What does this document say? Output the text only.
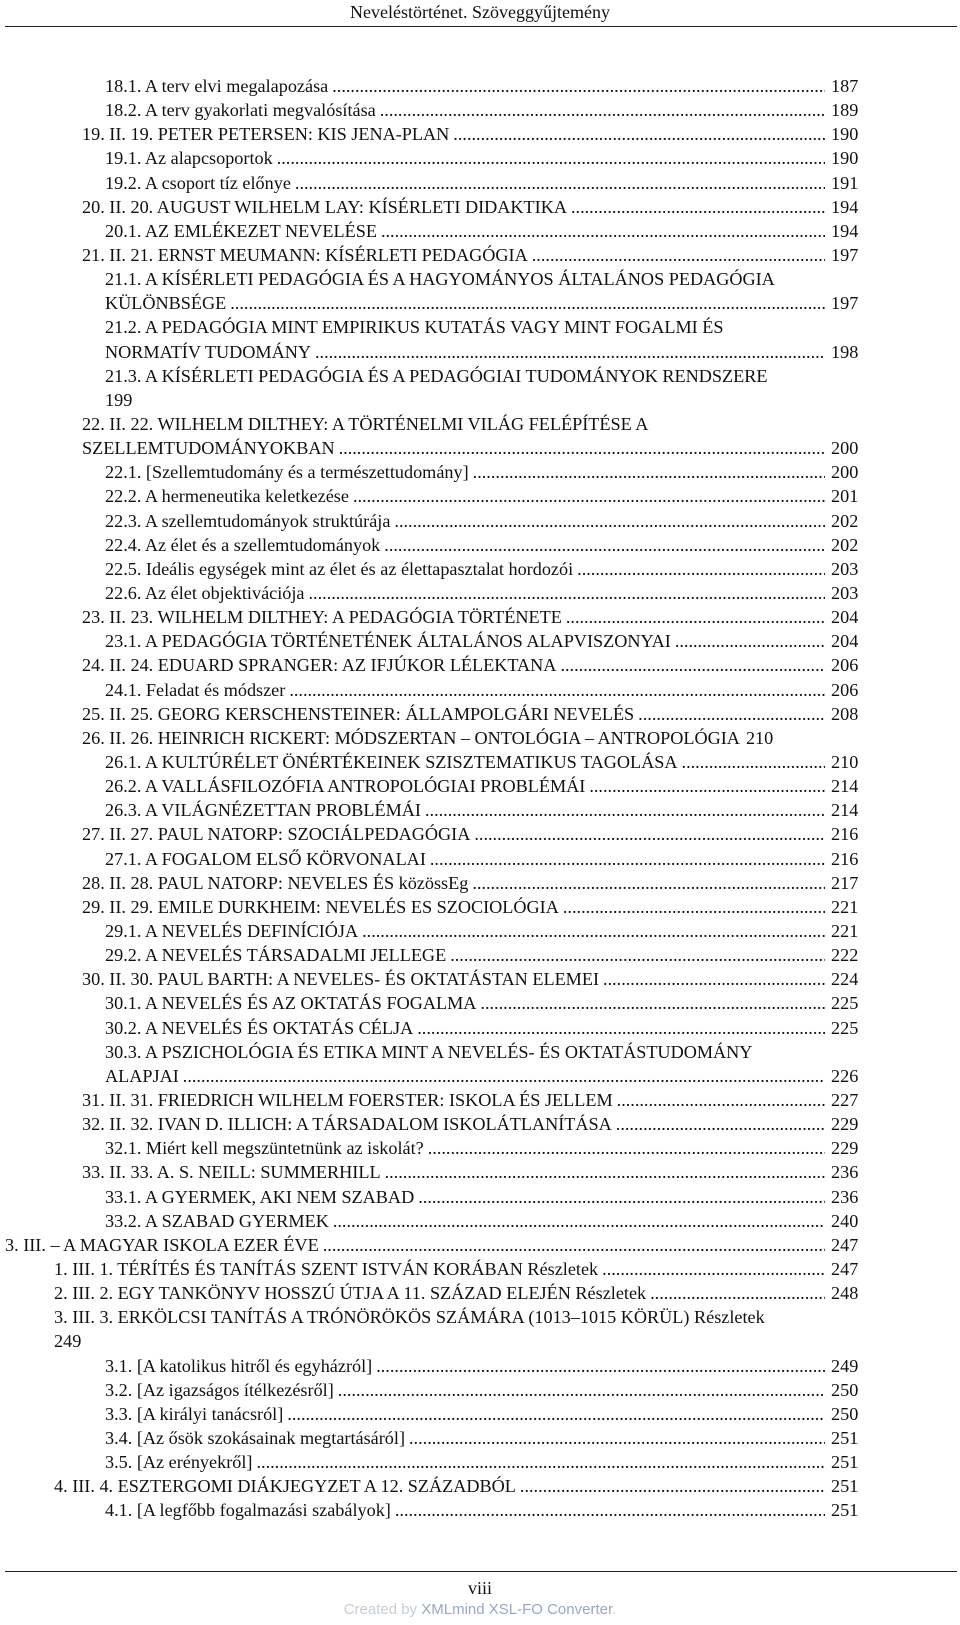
Neveléstörténet. Szöveggyűjtemény
18.1. A terv elvi megalapozása .....	187
18.2. A terv gyakorlati megvalósítása .....	189
19. II. 19. PETER PETERSEN: KIS JENA-PLAN .....	190
19.1. Az alapcsoportok .....	190
19.2. A csoport tíz előnye .....	191
20. II. 20. AUGUST WILHELM LAY: KÍSÉRLETI DIDAKTIKA .....	194
20.1. AZ EMLÉKEZET NEVELÉSE .....	194
21. II. 21. ERNST MEUMANN: KÍSÉRLETI PEDAGÓGIA .....	197
21.1. A KÍSÉRLETI PEDAGÓGIA ÉS A HAGYOMÁNYOS ÁLTALÁNOS PEDAGÓGIA
KÜLÖNBSÉGE .....	197
21.2. A PEDAGÓGIA MINT EMPIRIKUS KUTATÁS VAGY MINT FOGALMI ÉS
NORMATÍV TUDOMÁNY .....	198
21.3. A KÍSÉRLETI PEDAGÓGIA ÉS A PEDAGÓGIAI TUDOMÁNYOK RENDSZERE
199
22. II. 22. WILHELM DILTHEY: A TÖRTÉNELMI VILÁG FELÉPÍTÉSE A
SZELLEMTUDOMÁNYOKBAN .....	200
22.1. [Szellemtudomány és a természettudomány] .....	200
22.2. A hermeneutika keletkezése .....	201
22.3. A szellemtudományok struktúrája .....	202
22.4. Az élet és a szellemtudományok .....	202
22.5. Ideális egységek mint az élet és az élettapasztalat hordozói .....	203
22.6. Az élet objektivációja .....	203
23. II. 23. WILHELM DILTHEY: A PEDAGÓGIA TÖRTÉNETE .....	204
23.1. A PEDAGÓGIA TÖRTÉNETÉNEK ÁLTALÁNOS ALAPVISZONYAI .....	204
24. II. 24. EDUARD SPRANGER: AZ IFJÚKOR LÉLEKTANA .....	206
24.1. Feladat és módszer .....	206
25. II. 25. GEORG KERSCHENSTEINER: ÁLLAMPOLGÁRI NEVELÉS .....	208
26. II. 26. HEINRICH RICKERT: MÓDSZERTAN – ONTOLÓGIA – ANTROPOLÓGIA 210
26.1. A KULTÚRÉLET ÖNÉRTÉKEINEK SZISZTEMATIKUS TAGOLÁSA .....	210
26.2. A VALLÁSFILOZÓFIA ANTROPOLÓGIAI PROBLÉMÁI .....	214
26.3. A VILÁGNÉZETTAN PROBLÉMÁI .....	214
27. II. 27. PAUL NATORP: SZOCIÁLPEDAGÓGIA .....	216
27.1. A FOGALOM ELSŐ KÖRVONALAI .....	216
28. II. 28. PAUL NATORP: NEVELES ÉS közössEg .....	217
29. II. 29. EMILE DURKHEIM: NEVELÉS ES SZOCIOLÓGIA .....	221
29.1. A NEVELÉS DEFINÍCIÓJA .....	221
29.2. A NEVELÉS TÁRSADALMI JELLEGE .....	222
30. II. 30. PAUL BARTH: A NEVELES- ÉS OKTATÁSTAN ELEMEI .....	224
30.1. A NEVELÉS ÉS AZ OKTATÁS FOGALMA .....	225
30.2. A NEVELÉS ÉS OKTATÁS CÉLJA .....	225
30.3. A PSZICHOLÓGIA ÉS ETIKA MINT A NEVELÉS- ÉS OKTATÁSTUDOMÁNY
ALAPJAI .....	226
31. II. 31. FRIEDRICH WILHELM FOERSTER: ISKOLA ÉS JELLEM .....	227
32. II. 32. IVAN D. ILLICH: A TÁRSADALOM ISKOLÁTLANÍTÁSA .....	229
32.1. Miért kell megszüntetnünk az iskolát? .....	229
33. II. 33. A. S. NEILL: SUMMERHILL .....	236
33.1. A GYERMEK, AKI NEM SZABAD .....	236
33.2. A SZABAD GYERMEK .....	240
3. III. – A MAGYAR ISKOLA EZER ÉVE .....	247
1. III. 1. TÉRÍTÉS ÉS TANÍTÁS SZENT ISTVÁN KORÁBAN Részletek .....	247
2. III. 2. EGY TANKÖNYV HOSSZÚ ÚTJA A 11. SZÁZAD ELEJÉN Részletek .....	248
3. III. 3. ERKÖLCSI TANÍTÁS A TRÓNÖRÖKÖS SZÁMÁRA (1013–1015 KÖRÜL) Részletek
249
3.1. [A katolikus hitről és egyházról] .....	249
3.2. [Az igazságos ítélkezésről] .....	250
3.3. [A királyi tanácsról] .....	250
3.4. [Az ősök szokásainak megtartásáról] .....	251
3.5. [Az erényekről] .....	251
4. III. 4. ESZTERGOMI DIÁKJEGYZET A 12. SZÁZADBÓL .....	251
4.1. [A legfőbb fogalmazási szabályok] .....	251
viii
Created by XMLmind XSL-FO Converter.
